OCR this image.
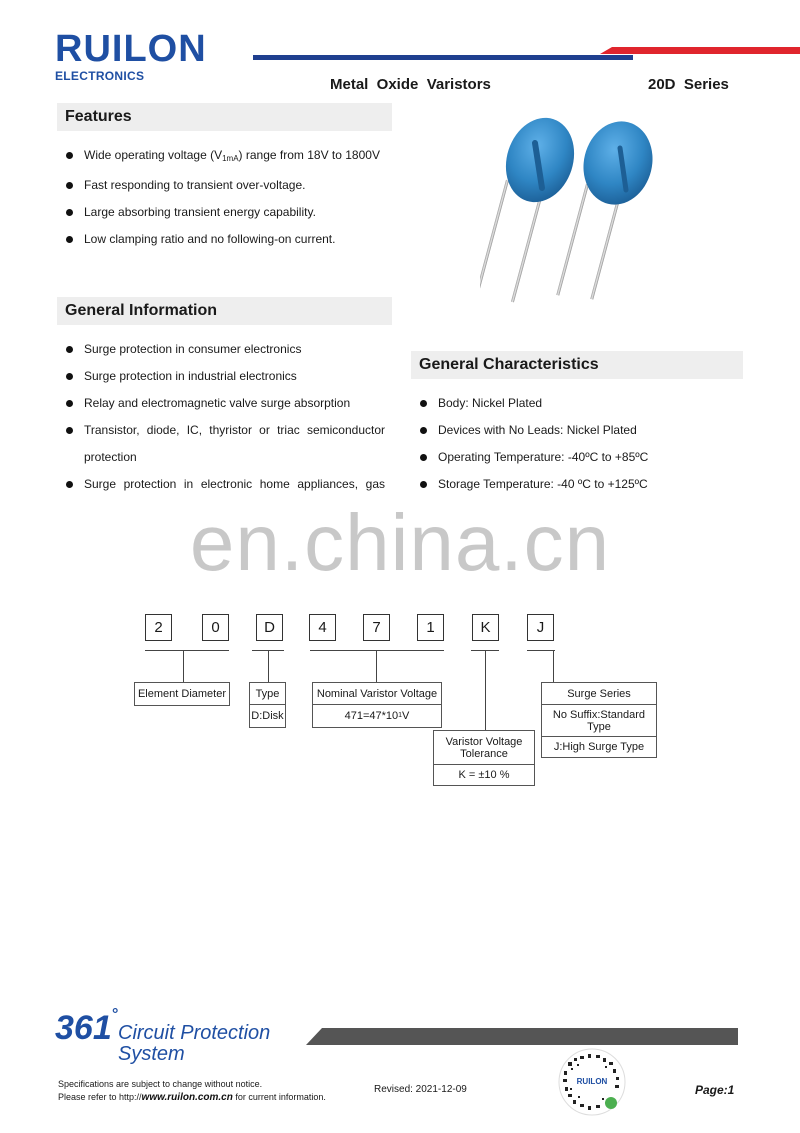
RUILON
ELECTRONICS	Metal  Oxide  Varistors	20D  Series
Features
Wide operating voltage $(V_{1mA})$ range from 18V to 1800V
Fast responding to transient over-voltage.
Large absorbing transient energy capability.
Low clamping ratio and no following-on current.
General Information
Surge protection in consumer electronics
Surge protection in industrial electronics
Relay and electromagnetic valve surge absorption
Transistor, diode, IC, thyristor or triac semiconductor
protection
Surge protection in electronic home appliances, gas
General Characteristics
Body: Nickel Plated
Devices with No Leads: Nickel Plated
Operating Temperature: -40ºC to +85ºC
Storage Temperature: -40 ºC to +125ºC
en.china.cn
2	0	D	4	7	1	K	J
Element Diameter	Type
D:Disk
Nominal Varistor Voltage
471=47*10 1 V
Varistor Voltage Tolerance
K = ±10 %
Surge Series
No Suffix:Standard Type
J:High Surge Type
361 °
Circuit Protection
System
Specifications are subject to change without notice.
Please refer to http://www.ruilon.com.cn for current information.
Revised: 2021-12-09
RUILON
Page:1
